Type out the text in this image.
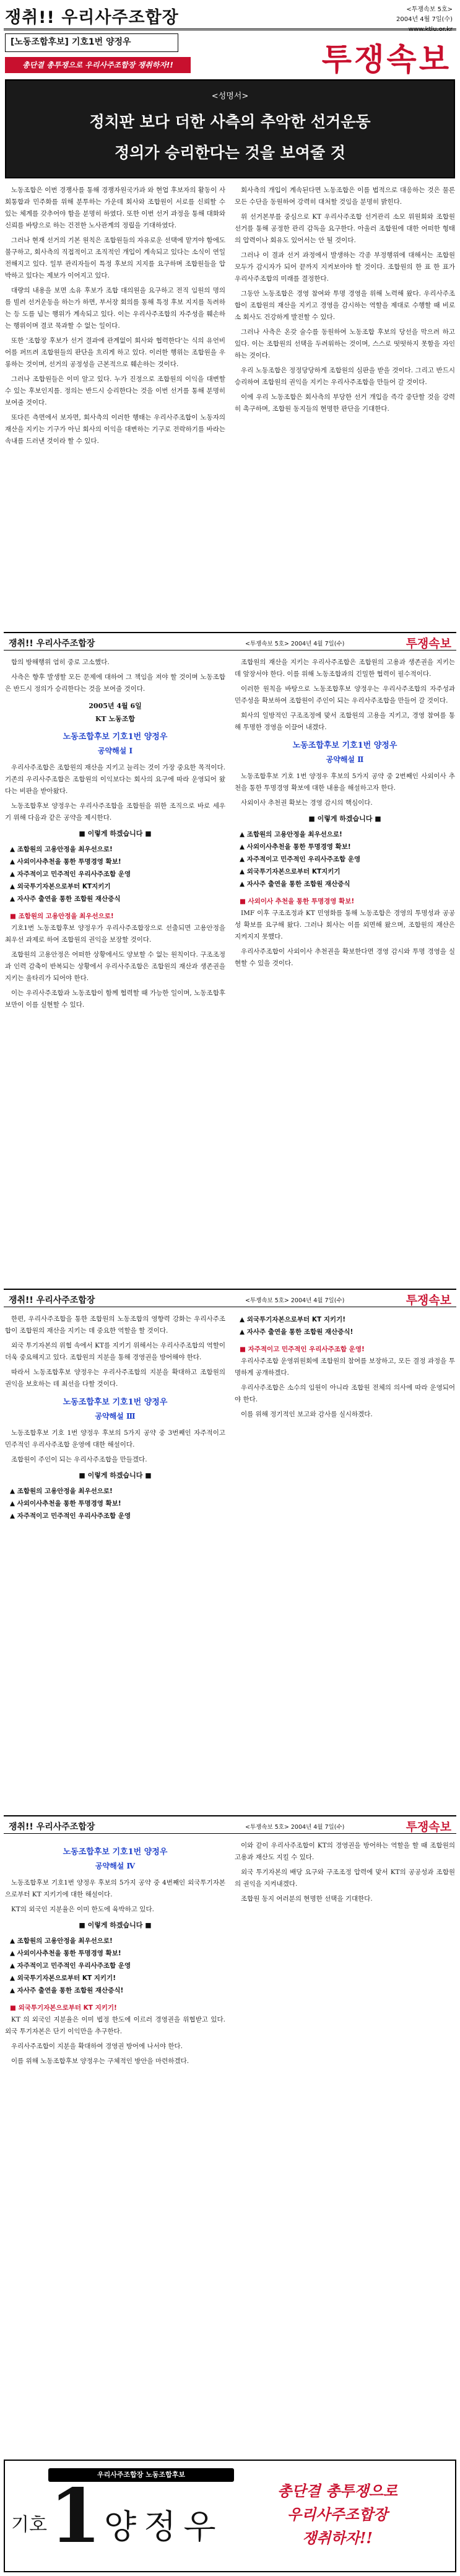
쟁취!! 우리사주조합장	<투쟁속보 5호>
2004년 4월 7일(수)
www.ktlu.or.kr
[노동조합후보] 기호1번 양정우
총단결 총투쟁으로 우리사주조합장 쟁취하자!!	투쟁속보
<성명서>
정치판 보다 더한 사측의 추악한 선거운동
정의가 승리한다는 것을 보여줄 것

노동조합은 이번 경쟁사를 통해 경쟁자원국가과 와 현업 후보자의 활동이 사회통합과 민주화를 위해 분투하는 가운데 회사와 조합원이 서로를 신뢰할 수 있는 체계를 갖추어야 함을 분명히 하였다. 또한 이번 선거 과정을 통해 대화와 신뢰를 바탕으로 하는 건전한 노사관계의 정립을 기대하였다.

그러나 현재 선거의 기본 원칙은 조합원들의 자유로운 선택에 맡겨야 함에도 불구하고, 회사측의 직접적이고 조직적인 개입이 계속되고 있다는 소식이 연일 전해지고 있다. 일부 관리자들이 특정 후보의 지지를 요구하며 조합원들을 압박하고 있다는 제보가 이어지고 있다.

대량의 내용을 보면 소유 후보가 조합 대의원을 요구하고 전직 임원의 명의를 빌려 선거운동을 하는가 하면, 부서장 회의를 통해 특정 후보 지지를 독려하는 등 도를 넘는 행위가 계속되고 있다. 이는 우리사주조합의 자주성을 훼손하는 행위이며 결코 묵과할 수 없는 일이다.

또한 '조합장 후보가 선거 결과에 관계없이 회사와 협력한다'는 식의 유언비어를 퍼뜨려 조합원들의 판단을 흐리게 하고 있다. 이러한 행위는 조합원을 우롱하는 것이며, 선거의 공정성을 근본적으로 훼손하는 것이다.

그러나 조합원들은 이미 알고 있다. 누가 진정으로 조합원의 이익을 대변할 수 있는 후보인지를. 정의는 반드시 승리한다는 것을 이번 선거를 통해 분명히 보여줄 것이다.

또다른 측면에서 보자면, 회사측의 이러한 행태는 우리사주조합이 노동자의 재산을 지키는 기구가 아닌 회사의 이익을 대변하는 기구로 전락하기를 바라는 속내를 드러낸 것이라 할 수 있다.

회사측의 개입이 계속된다면 노동조합은 이를 법적으로 대응하는 것은 물론 모든 수단을 동원하여 강력히 대처할 것임을 분명히 밝힌다.

위 선거본부를 중심으로 KT 우리사주조합 선거관리 소모 위원회와 조합원 선거를 통해 공정한 관리 감독을 요구한다. 아울러 조합원에 대한 어떠한 형태의 압력이나 회유도 있어서는 안 될 것이다.

그러나 이 결과 선거 과정에서 발생하는 각종 부정행위에 대해서는 조합원 모두가 감시자가 되어 끝까지 지켜보아야 할 것이다. 조합원의 한 표 한 표가 우리사주조합의 미래를 결정한다.

그동안 노동조합은 경영 참여와 투명 경영을 위해 노력해 왔다. 우리사주조합이 조합원의 재산을 지키고 경영을 감시하는 역할을 제대로 수행할 때 비로소 회사도 건강하게 발전할 수 있다.

그러나 사측은 온갖 술수를 동원하여 노동조합 후보의 당선을 막으려 하고 있다. 이는 조합원의 선택을 두려워하는 것이며, 스스로 떳떳하지 못함을 자인하는 것이다.

우리 노동조합은 정정당당하게 조합원의 심판을 받을 것이다. 그리고 반드시 승리하여 조합원의 권익을 지키는 우리사주조합을 만들어 갈 것이다.

이에 우리 노동조합은 회사측의 부당한 선거 개입을 즉각 중단할 것을 강력히 촉구하며, 조합원 동지들의 현명한 판단을 기대한다.

쟁취!! 우리사주조합장	<투쟁속보 5호> 2004년 4월 7일(수)	투쟁속보

합의 방해행위 엄히 중로 고소했다.

사측은 향후 발생할 모든 문제에 대하여 그 책임을 져야 할 것이며 노동조합은 반드시 정의가 승리한다는 것을 보여줄 것이다.

2005년 4월 6일
KT 노동조합
노동조합후보 기호1번 양정우
공약해설 Ⅰ

우리사주조합은 조합원의 재산을 지키고 늘리는 것이 가장 중요한 목적이다. 기존의 우리사주조합은 조합원의 이익보다는 회사의 요구에 따라 운영되어 왔다는 비판을 받아왔다.

노동조합후보 양정우는 우리사주조합을 조합원을 위한 조직으로 바로 세우기 위해 다음과 같은 공약을 제시한다.

■ 이렇게 하겠습니다 ■
▲ 조합원의 고용안정을 최우선으로!
▲ 사외이사추천을 통한 투명경영 확보!
▲ 자주적이고 민주적인 우리사주조합 운영
▲ 외국투기자본으로부터 KT지키기
▲ 자사주 출연을 통한 조합원 재산증식
■ 조합원의 고용안정을 최우선으로!

기호1번 노동조합후보 양정우가 우리사주조합장으로 선출되면 고용안정을 최우선 과제로 하여 조합원의 권익을 보장할 것이다.

조합원의 고용안정은 어떠한 상황에서도 양보할 수 없는 원칙이다. 구조조정과 인력 감축이 반복되는 상황에서 우리사주조합은 조합원의 재산과 생존권을 지키는 울타리가 되어야 한다.

이는 우리사주조합과 노동조합이 함께 협력할 때 가능한 일이며, 노동조합후보만이 이를 실현할 수 있다.

조합원의 재산을 지키는 우리사주조합은 조합원의 고용과 생존권을 지키는 데 앞장서야 한다. 이를 위해 노동조합과의 긴밀한 협력이 필수적이다.

이러한 원칙을 바탕으로 노동조합후보 양정우는 우리사주조합의 자주성과 민주성을 확보하여 조합원이 주인이 되는 우리사주조합을 만들어 갈 것이다.

회사의 일방적인 구조조정에 맞서 조합원의 고용을 지키고, 경영 참여를 통해 투명한 경영을 이끌어 내겠다.

노동조합후보 기호1번 양정우
공약해설 Ⅱ

노동조합후보 기호 1번 양정우 후보의 5가지 공약 중 2번째인 사외이사 추천을 통한 투명경영 확보에 대한 내용을 해설하고자 한다.

사외이사 추천권 확보는 경영 감시의 핵심이다.

■ 이렇게 하겠습니다 ■
▲ 조합원의 고용안정을 최우선으로!
▲ 사외이사추천을 통한 투명경영 확보!
▲ 자주적이고 민주적인 우리사주조합 운영
▲ 외국투기자본으로부터 KT지키기
▲ 자사주 출연을 통한 조합원 재산증식
■ 사외이사 추천을 통한 투명경영 확보!

IMF 이후 구조조정과 KT 민영화를 통해 노동조합은 경영의 투명성과 공공성 확보를 요구해 왔다. 그러나 회사는 이를 외면해 왔으며, 조합원의 재산은 지켜지지 못했다.

우리사주조합이 사외이사 추천권을 확보한다면 경영 감시와 투명 경영을 실현할 수 있을 것이다.

쟁취!! 우리사주조합장	<투쟁속보 5호> 2004년 4월 7일(수)	투쟁속보

한편, 우리사주조합을 통한 조합원의 노동조합의 영향력 강화는 우리사주조합이 조합원의 재산을 지키는 데 중요한 역할을 할 것이다.

외국 투기자본의 위협 속에서 KT를 지키기 위해서는 우리사주조합의 역할이 더욱 중요해지고 있다. 조합원의 지분을 통해 경영권을 방어해야 한다.

따라서 노동조합후보 양정우는 우리사주조합의 지분을 확대하고 조합원의 권익을 보호하는 데 최선을 다할 것이다.

노동조합후보 기호1번 양정우
공약해설 Ⅲ

노동조합후보 기호 1번 양정우 후보의 5가지 공약 중 3번째인 자주적이고 민주적인 우리사주조합 운영에 대한 해설이다.

조합원이 주인이 되는 우리사주조합을 만들겠다.

■ 이렇게 하겠습니다 ■
▲ 조합원의 고용안정을 최우선으로!
▲ 사외이사추천을 통한 투명경영 확보!
▲ 자주적이고 민주적인 우리사주조합 운영
▲ 외국투기자본으로부터 KT 지키기!
▲ 자사주 출연을 통한 조합원 재산증식!
■ 자주적이고 민주적인 우리사주조합 운영!

우리사주조합 운영위원회에 조합원의 참여를 보장하고, 모든 결정 과정을 투명하게 공개하겠다.

우리사주조합은 소수의 임원이 아니라 조합원 전체의 의사에 따라 운영되어야 한다.

이를 위해 정기적인 보고와 감사를 실시하겠다.

쟁취!! 우리사주조합장	<투쟁속보 5호> 2004년 4월 7일(수)	투쟁속보
노동조합후보 기호1번 양정우
공약해설 Ⅳ

노동조합후보 기호1번 양정우 후보의 5가지 공약 중 4번째인 외국투기자본으로부터 KT 지키기에 대한 해설이다.

KT의 외국인 지분율은 이미 한도에 육박하고 있다.

■ 이렇게 하겠습니다 ■
▲ 조합원의 고용안정을 최우선으로!
▲ 사외이사추천을 통한 투명경영 확보!
▲ 자주적이고 민주적인 우리사주조합 운영
▲ 외국투기자본으로부터 KT 지키기!
▲ 자사주 출연을 통한 조합원 재산증식!
■ 외국투기자본으로부터 KT 지키기!

KT 의 외국인 지분율은 이미 법정 한도에 이르러 경영권을 위협받고 있다. 외국 투기자본은 단기 이익만을 추구한다.

우리사주조합이 지분을 확대하여 경영권 방어에 나서야 한다.

이를 위해 노동조합후보 양정우는 구체적인 방안을 마련하겠다.

이와 같이 우리사주조합이 KT의 경영권을 방어하는 역할을 할 때 조합원의 고용과 재산도 지킬 수 있다.

외국 투기자본의 배당 요구와 구조조정 압력에 맞서 KT의 공공성과 조합원의 권익을 지켜내겠다.

조합원 동지 여러분의 현명한 선택을 기대한다.

우리사주조합장 노동조합후보
기호 1 양정우
총단결 총투쟁으로
우리사주조합장
쟁취하자!!
